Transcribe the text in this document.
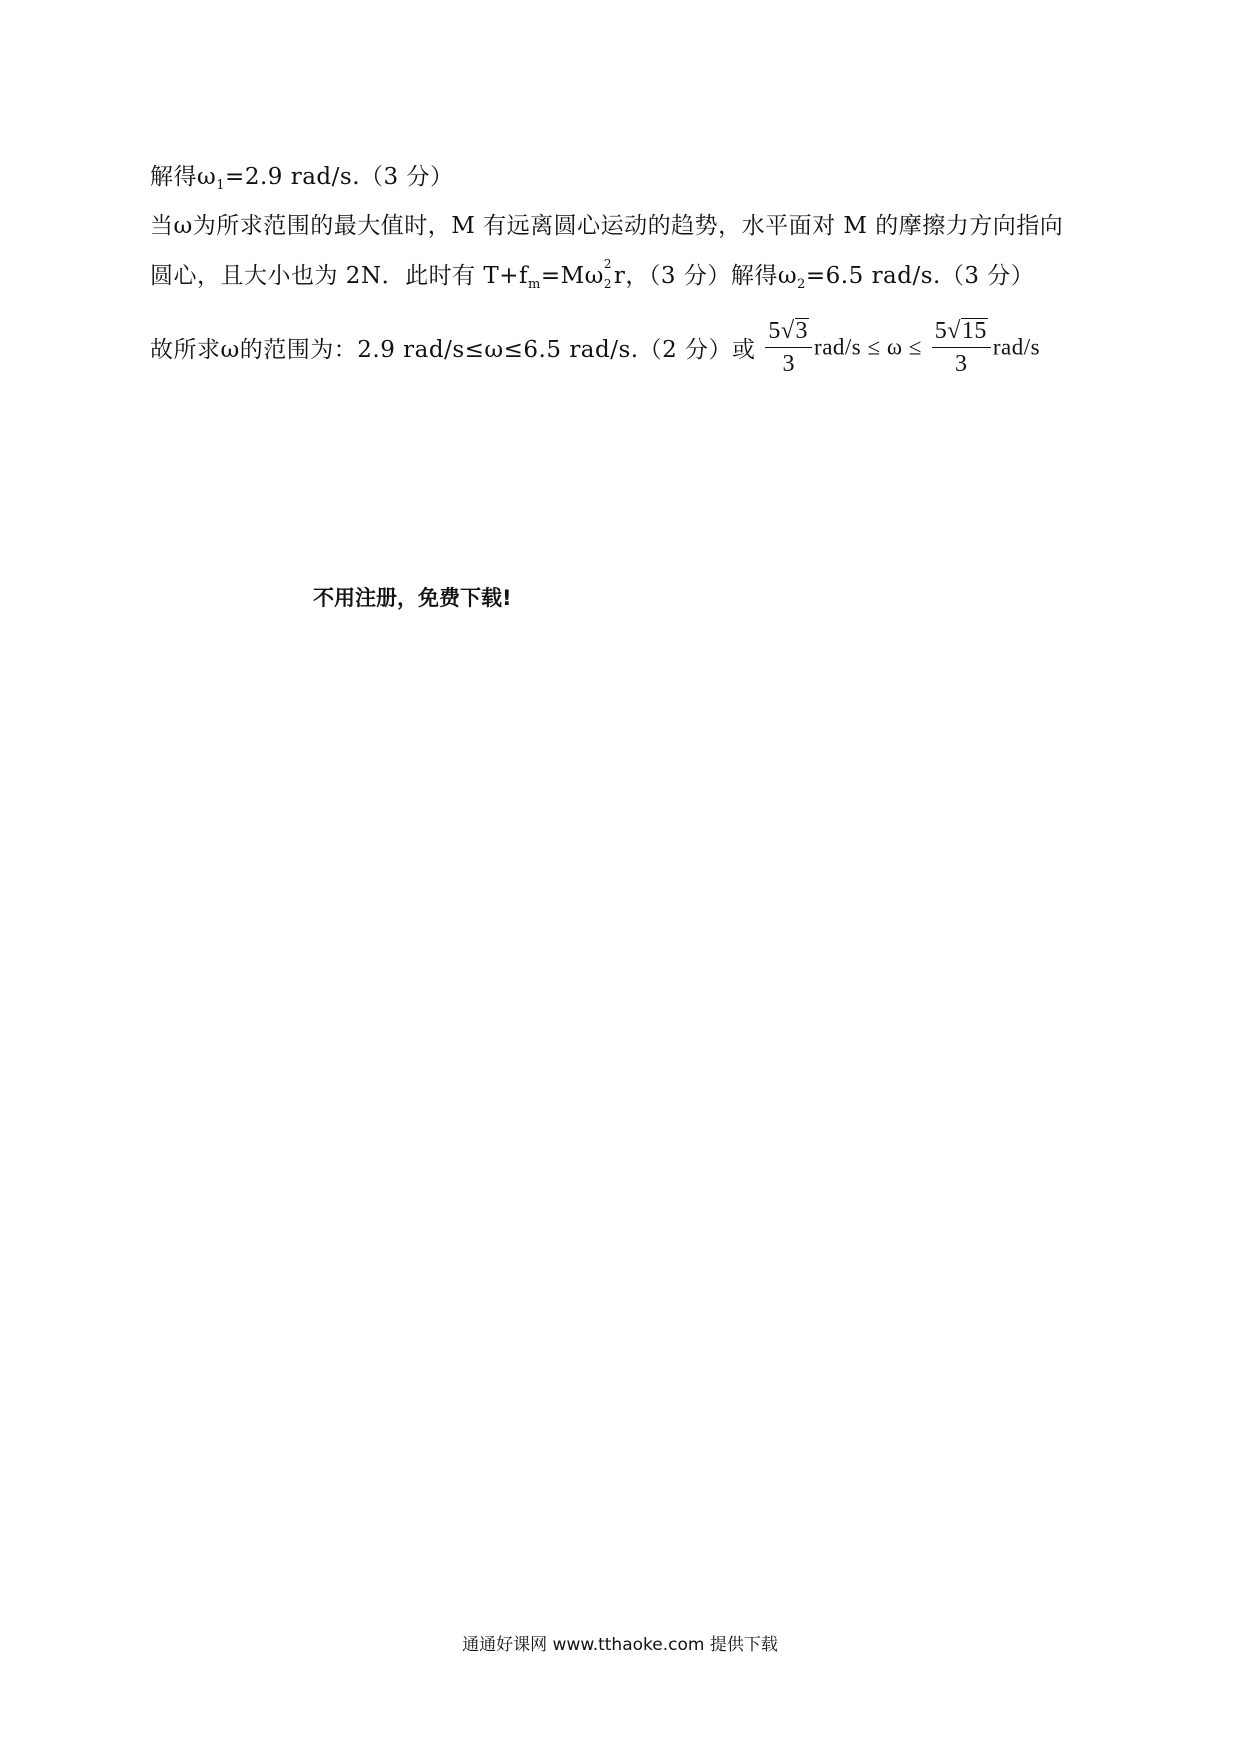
解得$\omega_1=2.9$ rad/s.（3 分）
当ω为所求范围的最大值时，M 有远离圆心运动的趋势，水平面对 M 的摩擦力方向指向
圆心，且大小也为 2N．此时有 $T+f_m=M\omega$ 2
2 r，（3 分）解得$\omega_2=6.5$ rad/s.（3 分）
故所求ω的范围为：2.9 rad/s≤ω≤6.5 rad/s.（2 分）或 $\frac{5√3}{3} rad/s \le \omega \le \frac{5√15}{3} rad/s$
不用注册，免费下载!
通通好课网 www.tthaoke.com 提供下载
